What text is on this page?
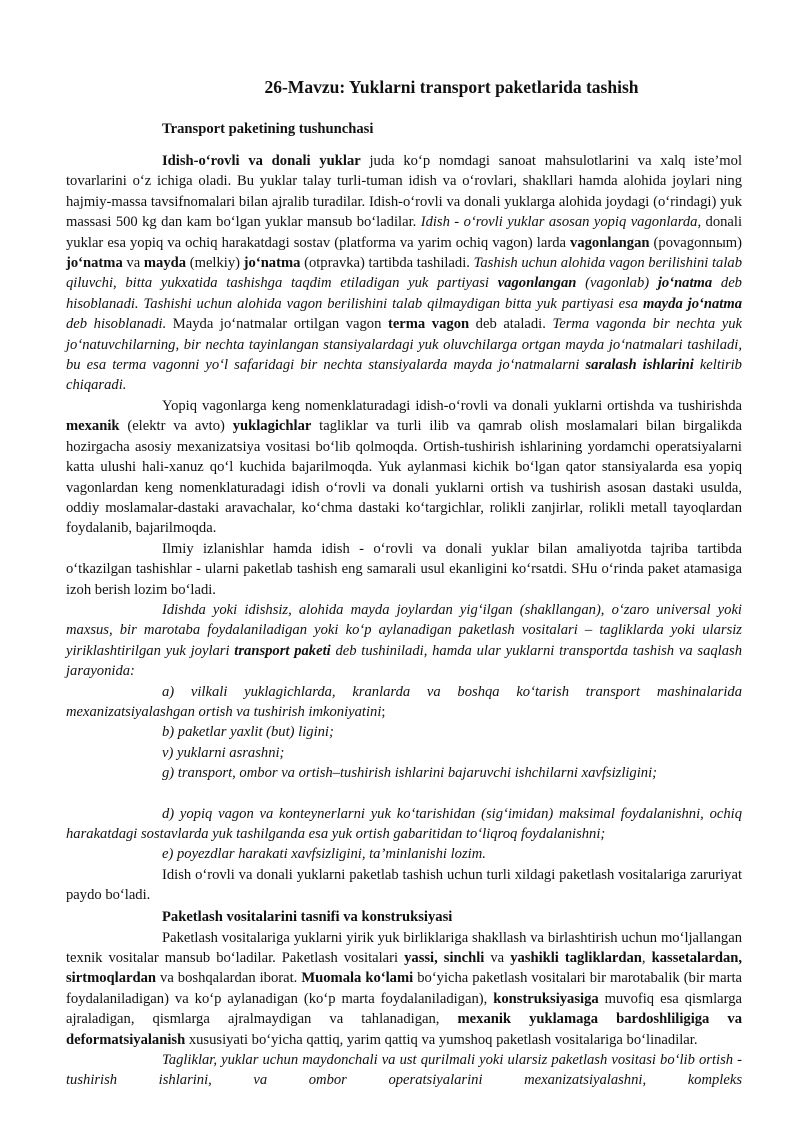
26-Mavzu: Yuklarni transport paketlarida tashish
Transport paketining tushunchasi

Idish-o‘rovli va donali yuklar juda ko‘p nomdagi sanoat mahsulotlarini va xalq iste’mol tovarlarini o‘z ichiga oladi. Bu yuklar talay turli-tuman idish va o‘rovlari, shakllari hamda alohida joylari ning hajmiy-massa tavsifnomalari bilan ajralib turadilar. Idish-o‘rovli va donali yuklarga alohida joydagi (o‘rindagi) yuk massasi 500 kg dan kam bo‘lgan yuklar mansub bo‘ladilar. Idish - o‘rovli yuklar asosan yopiq vagonlarda, donali yuklar esa yopiq va ochiq harakatdagi sostav (platforma va yarim ochiq vagon) larda vagonlangan (povagonnыm) jo‘natma va mayda (melkiy) jo‘natma (otpravka) tartibda tashiladi. Tashish uchun alohida vagon berilishini talab qiluvchi, bitta yukxatida tashishga taqdim etiladigan yuk partiyasi vagonlangan (vagonlab) jo‘natma deb hisoblanadi. Tashishi uchun alohida vagon berilishini talab qilmaydigan bitta yuk partiyasi esa mayda jo‘natma deb hisoblanadi. Mayda jo‘natmalar ortilgan vagon terma vagon deb ataladi. Terma vagonda bir nechta yuk jo‘natuvchilarning, bir nechta tayinlangan stansiyalardagi yuk oluvchilarga ortgan mayda jo‘natmalari tashiladi, bu esa terma vagonni yo‘l safaridagi bir nechta stansiyalarda mayda jo‘natmalarni saralash ishlarini keltirib chiqaradi.

Yopiq vagonlarga keng nomenklaturadagi idish-o‘rovli va donali yuklarni ortishda va tushirishda mexanik (elektr va avto) yuklagichlar tagliklar va turli ilib va qamrab olish moslamalari bilan birgalikda hozirgacha asosiy mexanizatsiya vositasi bo‘lib qolmoqda. Ortish-tushirish ishlarining yordamchi operatsiyalarni katta ulushi hali-xanuz qo‘l kuchida bajarilmoqda. Yuk aylanmasi kichik bo‘lgan qator stansiyalarda esa yopiq vagonlardan keng nomenklaturadagi idish o‘rovli va donali yuklarni ortish va tushirish asosan dastaki usulda, oddiy moslamalar-dastaki aravachalar, ko‘chma dastaki ko‘targichlar, rolikli zanjirlar, rolikli metall tayoqlardan foydalanib, bajarilmoqda.

Ilmiy izlanishlar hamda idish - o‘rovli va donali yuklar bilan amaliyotda tajriba tartibda o‘tkazilgan tashishlar - ularni paketlab tashish eng samarali usul ekanligini ko‘rsatdi. SHu o‘rinda paket atamasiga izoh berish lozim bo‘ladi.

Idishda yoki idishsiz, alohida mayda joylardan yig‘ilgan (shakllangan), o‘zaro universal yoki maxsus, bir marotaba foydalaniladigan yoki ko‘p aylanadigan paketlash vositalari – tagliklarda yoki ularsiz yiriklashtirilgan yuk joylari transport paketi deb tushiniladi, hamda ular yuklarni transportda tashish va saqlash jarayonida:

a) vilkali yuklagichlarda, kranlarda va boshqa ko‘tarish transport mashinalarida mexanizatsiyalashgan ortish va tushirish imkoniyatini;

b) paketlar yaxlit (but) ligini;

v) yuklarni asrashni;

g) transport, ombor va ortish–tushirish ishlarini bajaruvchi ishchilarni xavfsizligini;

d) yopiq vagon va konteynerlarni yuk ko‘tarishidan (sig‘imidan) maksimal foydalanishni, ochiq harakatdagi sostavlarda yuk tashilganda esa yuk ortish gabaritidan to‘liqroq foydalanishni;

e) poyezdlar harakati xavfsizligini, ta’minlanishi lozim.

Idish o‘rovli va donali yuklarni paketlab tashish uchun turli xildagi paketlash vositalariga zaruriyat paydo bo‘ladi.

Paketlash vositalarini tasnifi va konstruksiyasi

Paketlash vositalariga yuklarni yirik yuk birliklariga shakllash va birlashtirish uchun mo‘ljallangan texnik vositalar mansub bo‘ladilar. Paketlash vositalari yassi, sinchli va yashikli tagliklardan, kassetalardan, sirtmoqlardan va boshqalardan iborat. Muomala ko‘lami bo‘yicha paketlash vositalari bir marotabalik (bir marta foydalaniladigan) va ko‘p aylanadigan (ko‘p marta foydalaniladigan), konstruksiyasiga muvofiq esa qismlarga ajraladigan, qismlarga ajralmaydigan va tahlanadigan, mexanik yuklamaga bardoshliligiga va deformatsiyalanish xususiyati bo‘yicha qattiq, yarim qattiq va yumshoq paketlash vositalariga bo‘linadilar.

Tagliklar, yuklar uchun maydonchali va ust qurilmali yoki ularsiz paketlash vositasi bo‘lib ortish - tushirish ishlarini, va ombor operatsiyalarini mexanizatsiyalashni, kompleks
